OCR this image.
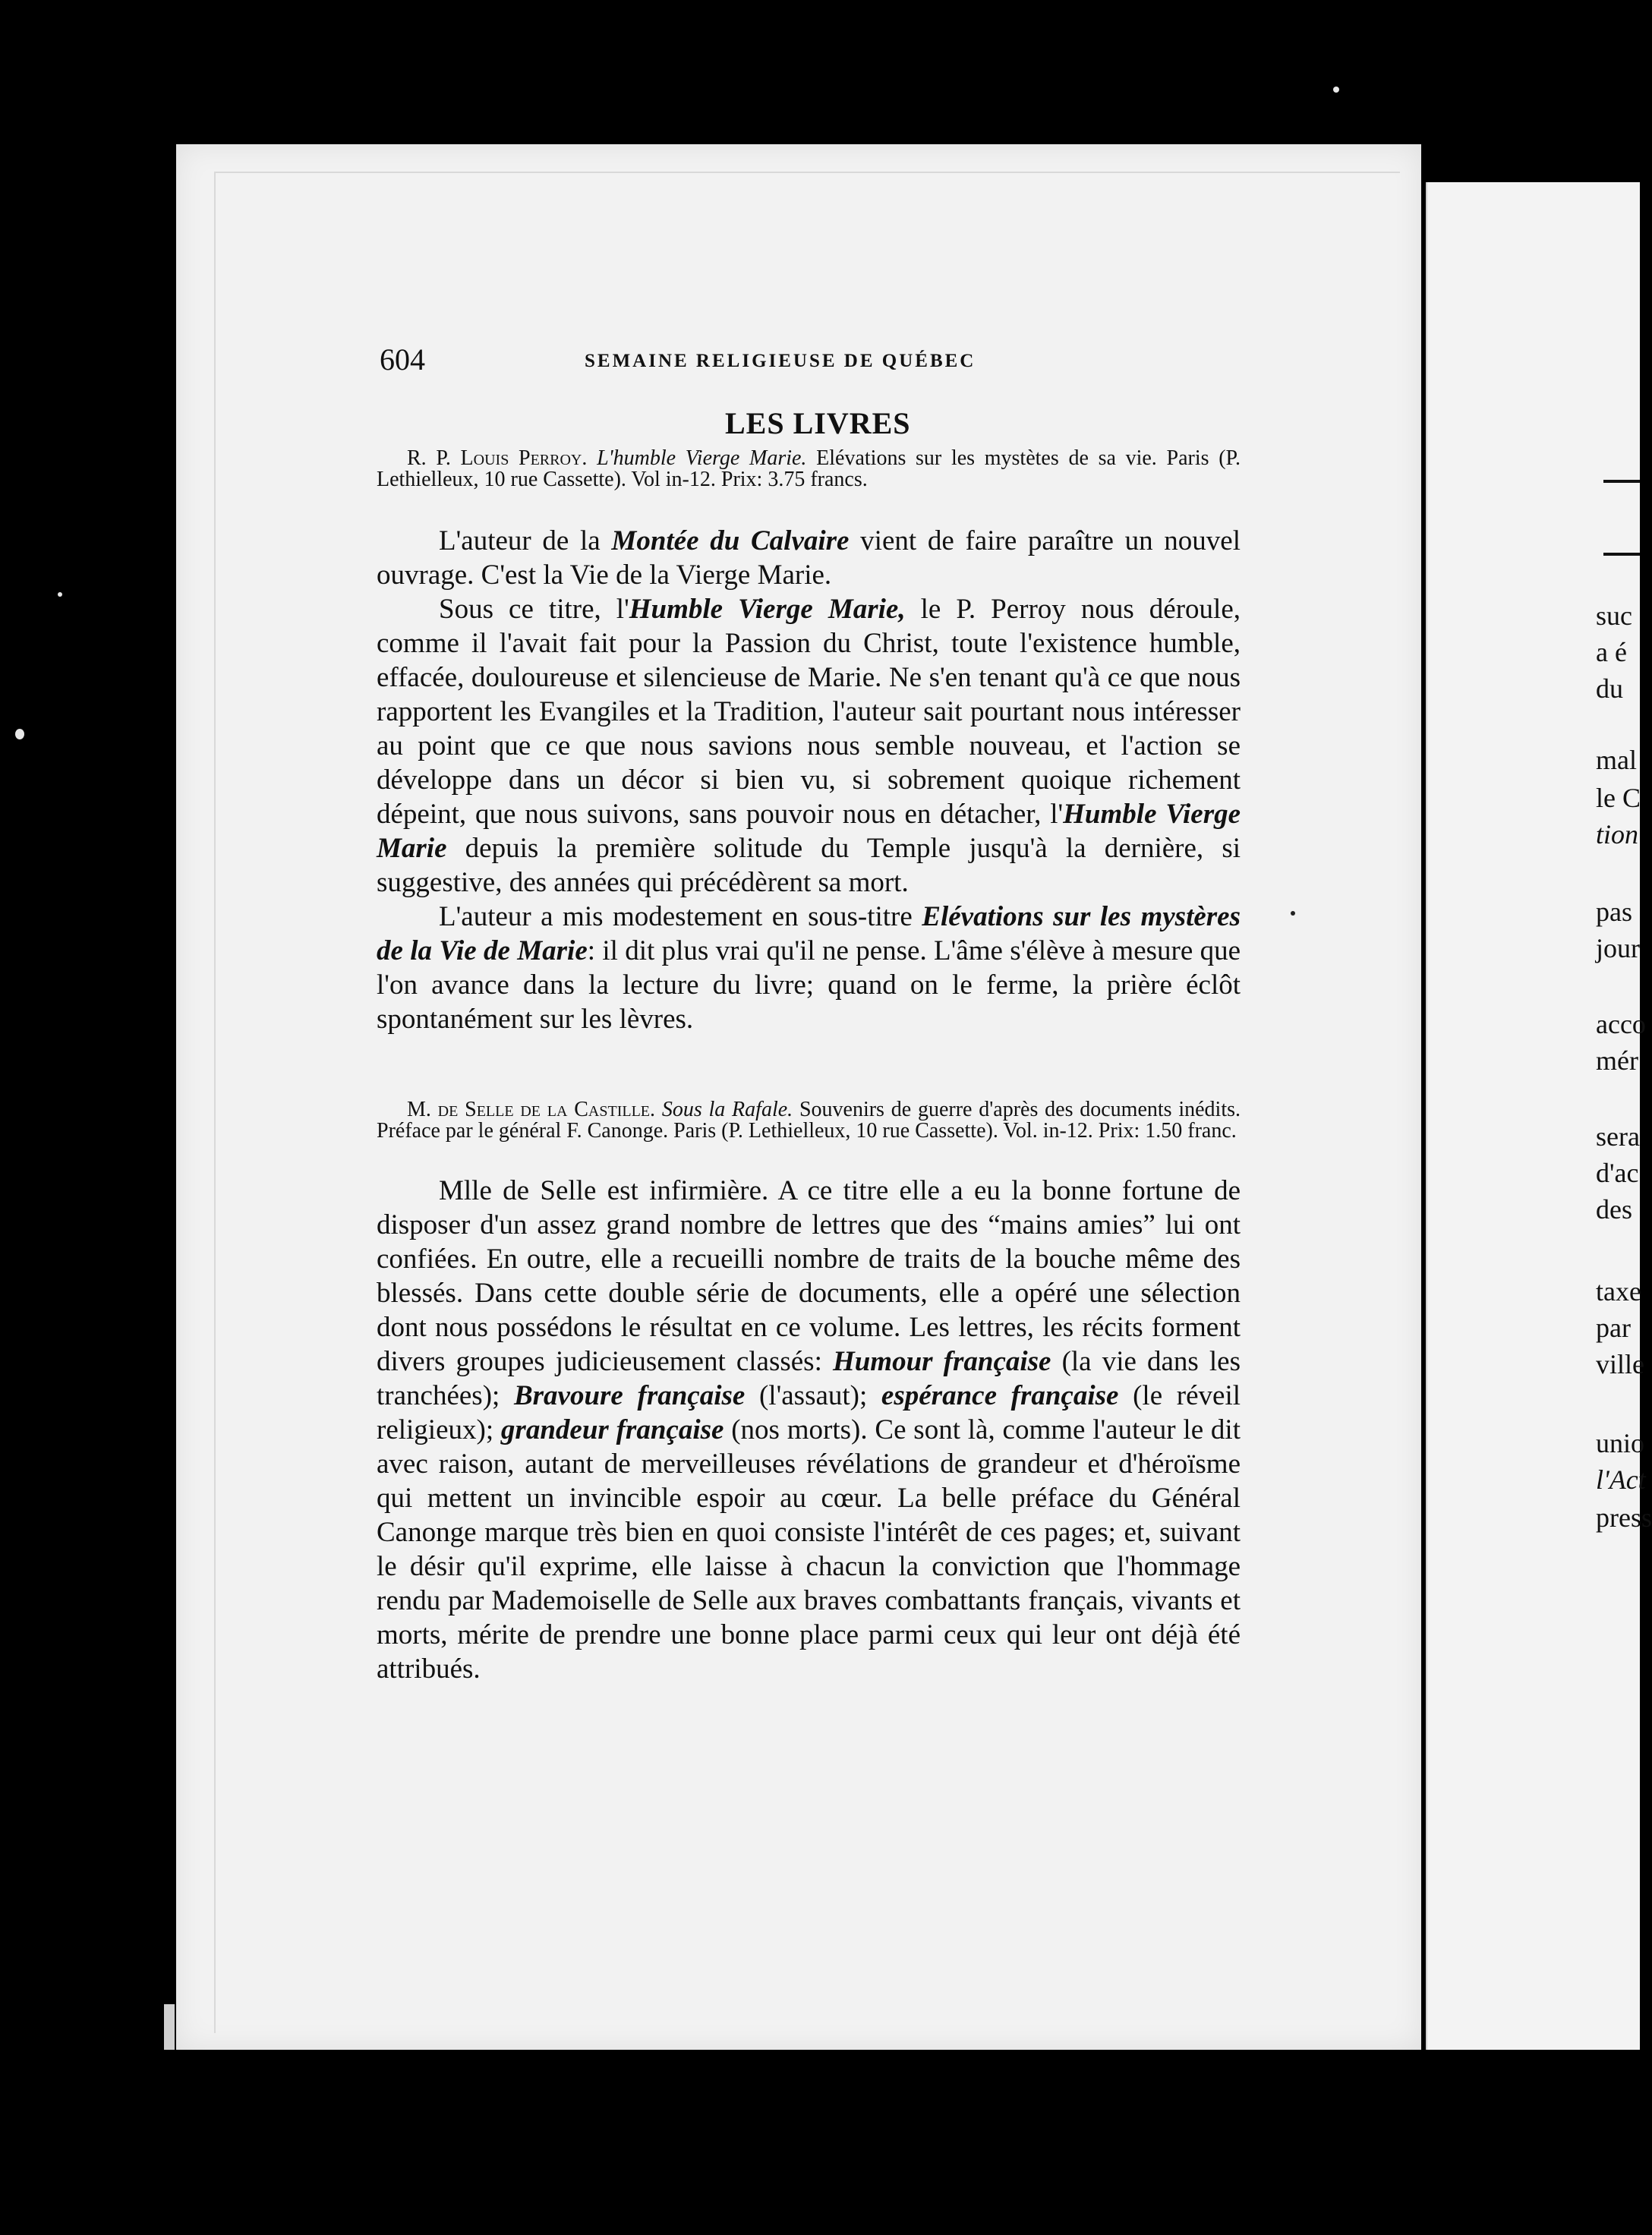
suc
a é
du
mal
le C
tion
pas
jour
acco
mér
sera
d'ac
des
taxe
par
ville
unio
l'Act
press
604	SEMAINE RELIGIEUSE DE QUÉBEC
LES LIVRES
R. P. Louis Perroy. L'humble Vierge Marie. Elévations sur les mystètes de sa vie. Paris (P. Lethielleux, 10 rue Cassette). Vol in-12. Prix: 3.75 francs.

L'auteur de la Montée du Calvaire vient de faire paraître un nouvel ouvrage. C'est la Vie de la Vierge Marie.

Sous ce titre, l'Humble Vierge Marie, le P. Perroy nous déroule, comme il l'avait fait pour la Passion du Christ, toute l'existence humble, effacée, douloureuse et silencieuse de Marie. Ne s'en tenant qu'à ce que nous rapportent les Evangiles et la Tradition, l'auteur sait pourtant nous intéresser au point que ce que nous savions nous semble nouveau, et l'action se développe dans un décor si bien vu, si sobrement quoique richement dépeint, que nous suivons, sans pouvoir nous en détacher, l'Humble Vierge Marie depuis la première solitude du Temple jusqu'à la dernière, si suggestive, des années qui précédèrent sa mort.

L'auteur a mis modestement en sous-titre Elévations sur les mystères de la Vie de Marie: il dit plus vrai qu'il ne pense. L'âme s'élève à mesure que l'on avance dans la lecture du livre; quand on le ferme, la prière éclôt spontanément sur les lèvres.

M. de Selle de la Castille. Sous la Rafale. Souvenirs de guerre d'après des documents inédits. Préface par le général F. Canonge. Paris (P. Lethielleux, 10 rue Cassette). Vol. in-12. Prix: 1.50 franc.

Mlle de Selle est infirmière. A ce titre elle a eu la bonne fortune de disposer d'un assez grand nombre de lettres que des “mains amies” lui ont confiées. En outre, elle a recueilli nombre de traits de la bouche même des blessés. Dans cette double série de documents, elle a opéré une sélection dont nous possédons le résultat en ce volume. Les lettres, les récits forment divers groupes judicieusement classés: Humour française (la vie dans les tranchées); Bravoure française (l'assaut); espérance française (le réveil religieux); grandeur française (nos morts). Ce sont là, comme l'auteur le dit avec raison, autant de merveilleuses révélations de grandeur et d'héroïsme qui mettent un invincible espoir au cœur. La belle préface du Général Canonge marque très bien en quoi consiste l'intérêt de ces pages; et, suivant le désir qu'il exprime, elle laisse à chacun la conviction que l'hommage rendu par Mademoiselle de Selle aux braves combattants français, vivants et morts, mérite de prendre une bonne place parmi ceux qui leur ont déjà été attribués.
